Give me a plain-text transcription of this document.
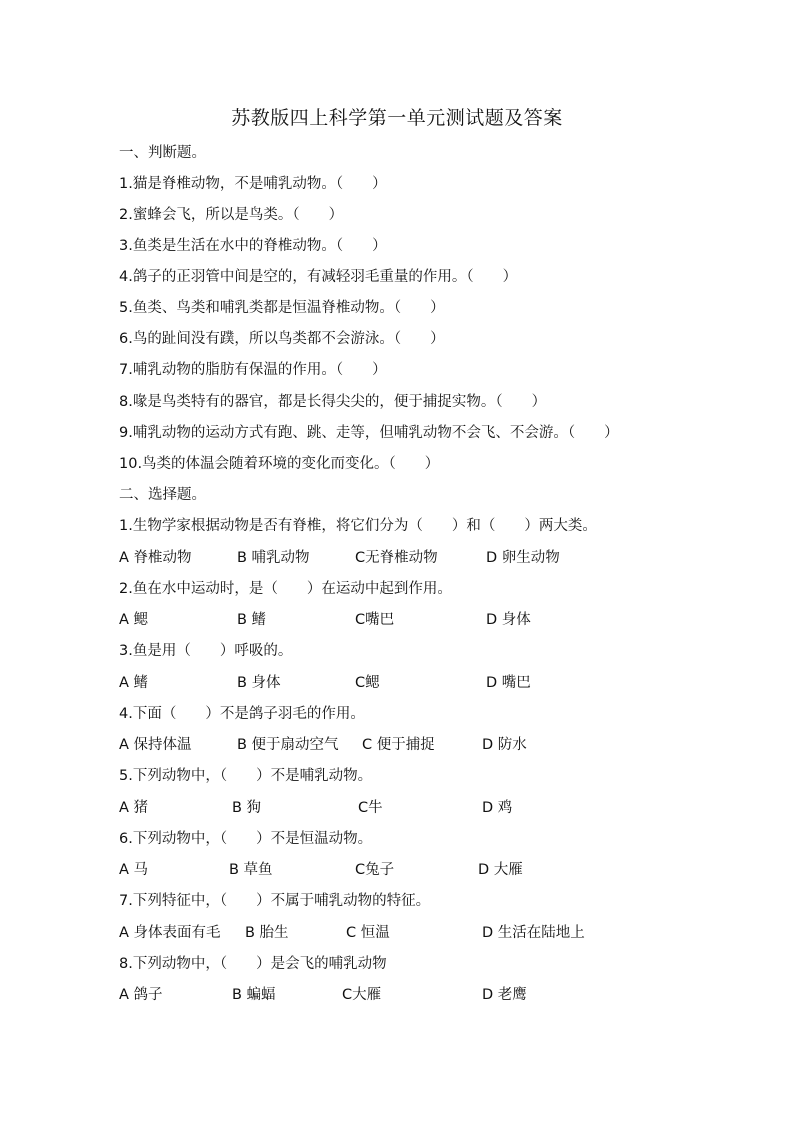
苏教版四上科学第一单元测试题及答案
一、判断题。
1.猫是脊椎动物，不是哺乳动物。（　　）
2.蜜蜂会飞，所以是鸟类。（　　）
3.鱼类是生活在水中的脊椎动物。（　　）
4.鸽子的正羽管中间是空的，有减轻羽毛重量的作用。（　　）
5.鱼类、鸟类和哺乳类都是恒温脊椎动物。（　　）
6.鸟的趾间没有蹼，所以鸟类都不会游泳。（　　）
7.哺乳动物的脂肪有保温的作用。（　　）
8.喙是鸟类特有的器官，都是长得尖尖的，便于捕捉实物。（　　）
9.哺乳动物的运动方式有跑、跳、走等，但哺乳动物不会飞、不会游。（　　）
10.鸟类的体温会随着环境的变化而变化。（　　）
二、选择题。
1.生物学家根据动物是否有脊椎，将它们分为（　　）和（　　）两大类。
A 脊椎动物	B 哺乳动物	C无脊椎动物	D 卵生动物
2.鱼在水中运动时，是（　　）在运动中起到作用。
A 鳃	B 鳍	C嘴巴	D 身体
3.鱼是用（　　）呼吸的。
A 鳍	B 身体	C鳃	D 嘴巴
4.下面（　　）不是鸽子羽毛的作用。
A 保持体温	B 便于扇动空气 C 便于捕捉	D 防水
5.下列动物中，（　　）不是哺乳动物。
A 猪	B 狗	C牛	D 鸡
6.下列动物中，（　　）不是恒温动物。
A 马	B 草鱼	C兔子	D 大雁
7.下列特征中，（　　）不属于哺乳动物的特征。
A 身体表面有毛 B 胎生	C 恒温	D 生活在陆地上
8.下列动物中，（　　）是会飞的哺乳动物
A 鸽子	B 蝙蝠	C大雁	D 老鹰
